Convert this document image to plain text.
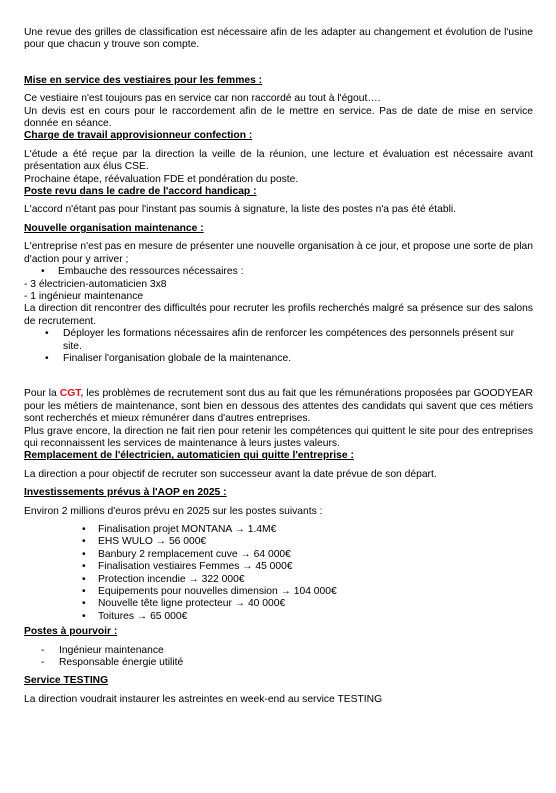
Une revue des grilles de classification est nécessaire afin de les adapter au changement et évolution de l'usine pour que chacun y trouve son compte.

Mise en service des vestiaires pour les femmes :

Ce vestiaire n'est toujours pas en service car non raccordé au tout à l'égout….

Un devis est en cours pour le raccordement afin de le mettre en service. Pas de date de mise en service donnée en séance.

Charge de travail approvisionneur confection :

L'étude a été reçue par la direction la veille de la réunion, une lecture et évaluation est nécessaire avant présentation aux élus CSE.

Prochaine étape, réévaluation FDE et pondération du poste.

Poste revu dans le cadre de l'accord handicap :

L'accord n'étant pas pour l'instant pas soumis à signature, la liste des postes n'a pas été établi.

Nouvelle organisation maintenance :

L'entreprise n'est pas en mesure de présenter une nouvelle organisation à ce jour, et propose une sorte de plan d'action pour y arriver ;

• Embauche des ressources nécessaires :

- 3 électricien-automaticien 3x8

- 1 ingénieur maintenance

La direction dit rencontrer des difficultés pour recruter les profils recherchés malgré sa présence sur des salons de recrutement.

• Déployer les formations nécessaires afin de renforcer les compétences des personnels présent sur site.
• Finaliser l'organisation globale de la maintenance.

Pour la CGT, les problèmes de recrutement sont dus au fait que les rémunérations proposées par GOODYEAR pour les métiers de maintenance, sont bien en dessous des attentes des candidats qui savent que ces métiers sont recherchés et mieux rémunérer dans d'autres entreprises.

Plus grave encore, la direction ne fait rien pour retenir les compétences qui quittent le site pour des entreprises qui reconnaissent les services de maintenance à leurs justes valeurs.

Remplacement de l'électricien, automaticien qui quitte l'entreprise :

La direction a pour objectif de recruter son successeur avant la date prévue de son départ.

Investissements prévus à l'AOP en 2025 :

Environ 2 millions d'euros prévu en 2025 sur les postes suivants :

• Finalisation projet MONTANA → 1.4M€
• EHS WULO → 56 000€
• Banbury 2 remplacement cuve → 64 000€
• Finalisation vestiaires Femmes → 45 000€
• Protection incendie → 322 000€
• Equipements pour nouvelles dimension → 104 000€
• Nouvelle tête ligne protecteur → 40 000€
• Toitures → 65 000€

Postes à pourvoir :

- Ingénieur maintenance
- Responsable énergie utilité

Service TESTING

La direction voudrait instaurer les astreintes en week-end au service TESTING
